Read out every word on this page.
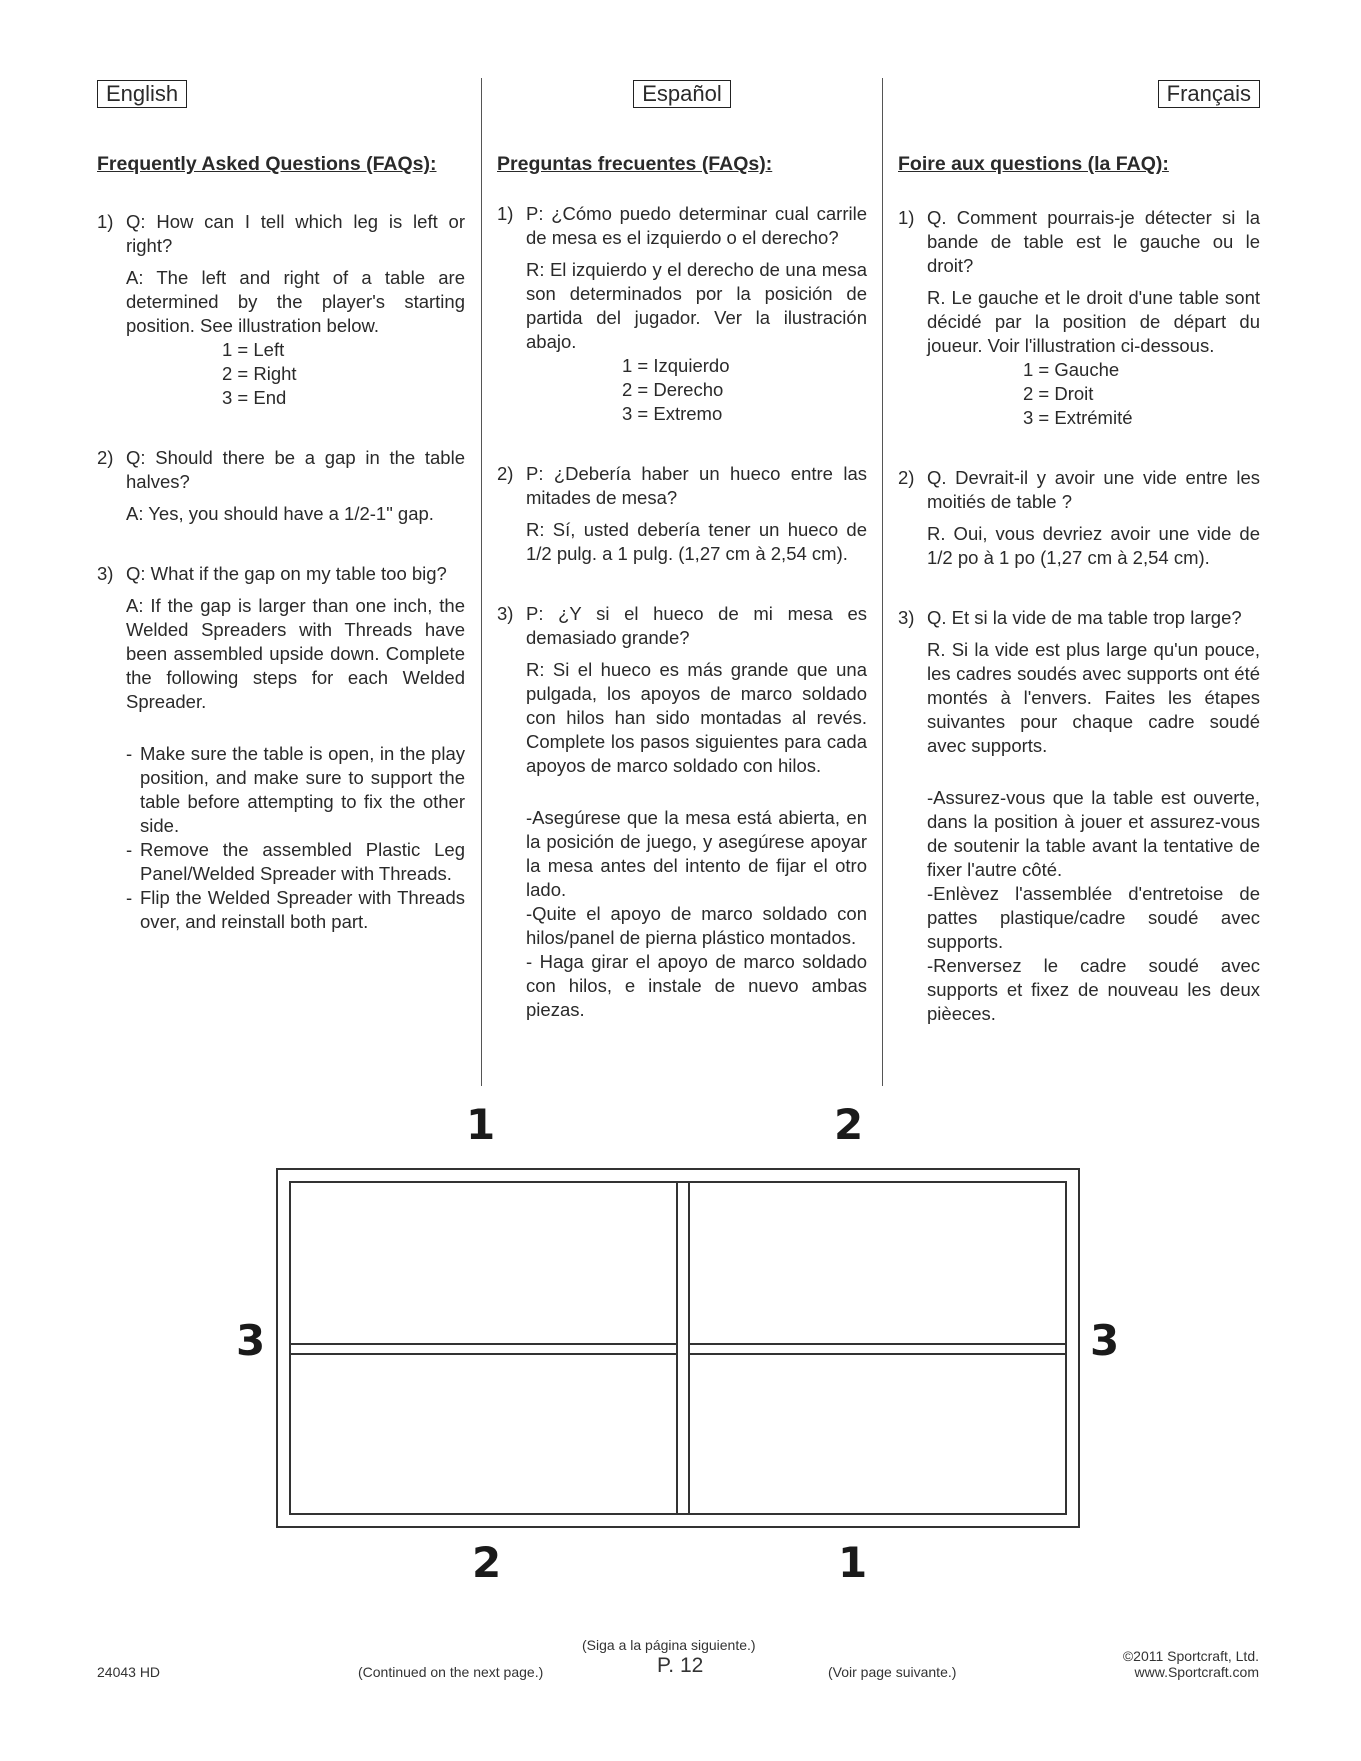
English
Frequently Asked Questions (FAQs):
1) Q: How can I tell which leg is left or right?

A: The left and right of a table are determined by the player's starting position. See illustration below.

1 = Left
2 = Right
3 = End
2) Q: Should there be a gap in the table halves?

A: Yes, you should have a 1/2-1" gap.

3) Q: What if the gap on my table too big?

A: If the gap is larger than one inch, the Welded Spreaders with Threads have been assembled upside down. Complete the following steps for each Welded Spreader.

- Make sure the table is open, in the play position, and make sure to support the table before attempting to fix the other side.
- Remove the assembled Plastic Leg Panel/Welded Spreader with Threads.
- Flip the Welded Spreader with Threads over, and reinstall both part.
Español
Preguntas frecuentes (FAQs):
1) P: ¿Cómo puedo determinar cual carrile de mesa es el izquierdo o el derecho?

R: El izquierdo y el derecho de una mesa son determinados por la posición de partida del jugador. Ver la ilustración abajo.

1 = Izquierdo
2 = Derecho
3 = Extremo
2) P: ¿Debería haber un hueco entre las mitades de mesa?

R: Sí, usted debería tener un hueco de 1/2 pulg. a 1 pulg. (1,27 cm à 2,54 cm).

3) P: ¿Y si el hueco de mi mesa es demasiado grande?

R: Si el hueco es más grande que una pulgada, los apoyos de marco soldado con hilos han sido montadas al revés. Complete los pasos siguientes para cada apoyos de marco soldado con hilos.

-Asegúrese que la mesa está abierta, en la posición de juego, y asegúrese apoyar la mesa antes del intento de fijar el otro lado.

-Quite el apoyo de marco soldado con hilos/panel de pierna plástico montados.

- Haga girar el apoyo de marco soldado con hilos, e instale de nuevo ambas piezas.

Français
Foire aux questions (la FAQ):
1) Q. Comment pourrais-je détecter si la bande de table est le gauche ou le droit?

R. Le gauche et le droit d'une table sont décidé par la position de départ du joueur. Voir l'illustration ci-dessous.

1 = Gauche
2 = Droit
3 = Extrémité
2) Q. Devrait-il y avoir une vide entre les moitiés de table ?

R. Oui, vous devriez avoir une vide de 1/2 po à 1 po (1,27 cm à 2,54 cm).

3) Q. Et si la vide de ma table trop large?

R. Si la vide est plus large qu'un pouce, les cadres soudés avec supports ont été montés à l'envers. Faites les étapes suivantes pour chaque cadre soudé avec supports.

-Assurez-vous que la table est ouverte, dans la position à jouer et assurez-vous de soutenir la table avant la tentative de fixer l'autre côté.

-Enlèvez l'assemblée d'entretoise de pattes plastique/cadre soudé avec supports.

-Renversez le cadre soudé avec supports et fixez de nouveau les deux pièeces.

1	2
3	3
2	1
24043 HD	(Continued on the next page.)
(Siga a la página siguiente.)
P. 12	(Voir page suivante.)
©2011 Sportcraft, Ltd.
www.Sportcraft.com
